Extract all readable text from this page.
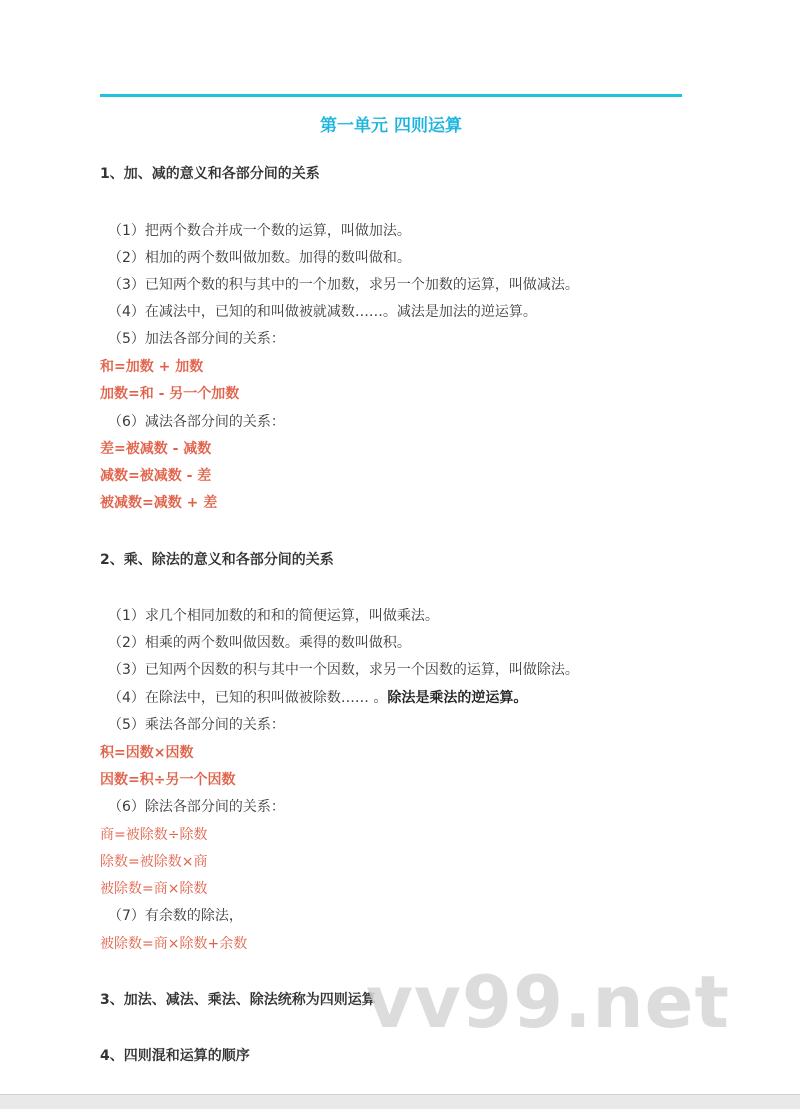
第一单元 四则运算
1、加、减的意义和各部分间的关系
（1）把两个数合并成一个数的运算，叫做加法。
（2）相加的两个数叫做加数。加得的数叫做和。
（3）已知两个数的积与其中的一个加数，求另一个加数的运算，叫做减法。
（4）在减法中，已知的和叫做被就减数……。减法是加法的逆运算。
（5）加法各部分间的关系：
和=加数 + 加数
加数=和 - 另一个加数
（6）减法各部分间的关系：
差=被减数 - 减数
减数=被减数 - 差
被减数=减数 + 差
2、乘、除法的意义和各部分间的关系
（1）求几个相同加数的和和的简便运算，叫做乘法。
（2）相乘的两个数叫做因数。乘得的数叫做积。
（3）已知两个因数的积与其中一个因数，求另一个因数的运算，叫做除法。
（4）在除法中，已知的积叫做被除数…… 。除法是乘法的逆运算。
（5）乘法各部分间的关系：
积=因数×因数
因数=积÷另一个因数
（6）除法各部分间的关系：
商=被除数÷除数
除数=被除数×商
被除数=商×除数
（7）有余数的除法，
被除数=商×除数+余数
3、加法、减法、乘法、除法统称为四则运算
4、四则混和运算的顺序
vv99.net
